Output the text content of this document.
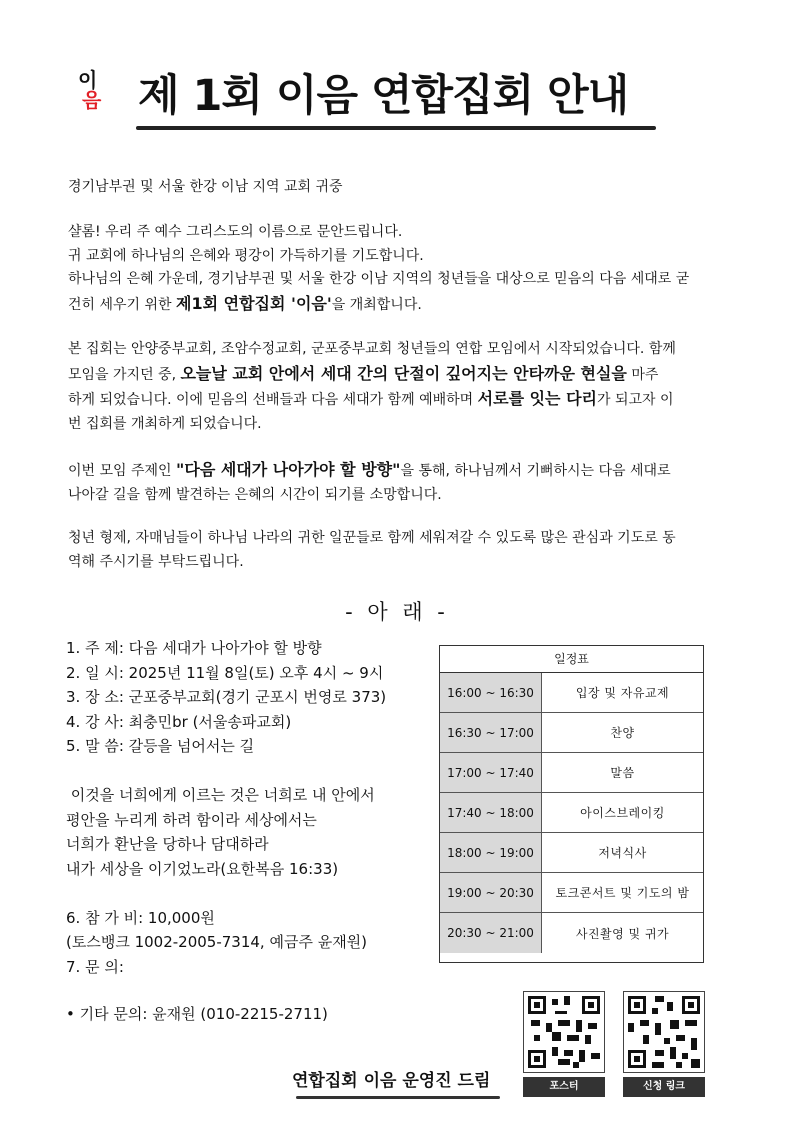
이
음 제 1회 이음 연합집회 안내
경기남부권 및 서울 한강 이남 지역 교회 귀중
샬롬! 우리 주 예수 그리스도의 이름으로 문안드립니다.
귀 교회에 하나님의 은혜와 평강이 가득하기를 기도합니다.
하나님의 은혜 가운데, 경기남부권 및 서울 한강 이남 지역의 청년들을 대상으로 믿음의 다음 세대로 굳
건히 세우기 위한 제1회 연합집회 '이음'을 개최합니다.
본 집회는 안양중부교회, 조암수정교회, 군포중부교회 청년들의 연합 모임에서 시작되었습니다. 함께
모임을 가지던 중, 오늘날 교회 안에서 세대 간의 단절이 깊어지는 안타까운 현실을 마주
하게 되었습니다. 이에 믿음의 선배들과 다음 세대가 함께 예배하며 서로를 잇는 다리가 되고자 이
번 집회를 개최하게 되었습니다.
이번 모임 주제인 "다음 세대가 나아가야 할 방향"을 통해, 하나님께서 기뻐하시는 다음 세대로
나아갈 길을 함께 발견하는 은혜의 시간이 되기를 소망합니다.
청년 형제, 자매님들이 하나님 나라의 귀한 일꾼들로 함께 세워져갈 수 있도록 많은 관심과 기도로 동
역해 주시기를 부탁드립니다.
- 아 래 -
1. 주 제: 다음 세대가 나아가야 할 방향
2. 일 시: 2025년 11월 8일(토) 오후 4시 ~ 9시
3. 장 소: 군포중부교회(경기 군포시 번영로 373)
4. 강 사: 최충민br (서울송파교회)
5. 말 씀: 갈등을 넘어서는 길
이것을 너희에게 이르는 것은 너희로 내 안에서
평안을 누리게 하려 함이라 세상에서는
너희가 환난을 당하나 담대하라
내가 세상을 이기었노라(요한복음 16:33)
6. 참 가 비: 10,000원
(토스뱅크 1002-2005-7314, 예금주 윤재원)
7. 문 의:
일정표
16:00 ~ 16:30	입장 및 자유교제
16:30 ~ 17:00	찬양
17:00 ~ 17:40	말씀
17:40 ~ 18:00	아이스브레이킹
18:00 ~ 19:00	저녁식사
19:00 ~ 20:30	토크콘서트 및 기도의 밤
20:30 ~ 21:00	사진촬영 및 귀가
• 기타 문의: 윤재원 (010-2215-2711)
포스터	신청 링크
연합집회 이음 운영진 드림
